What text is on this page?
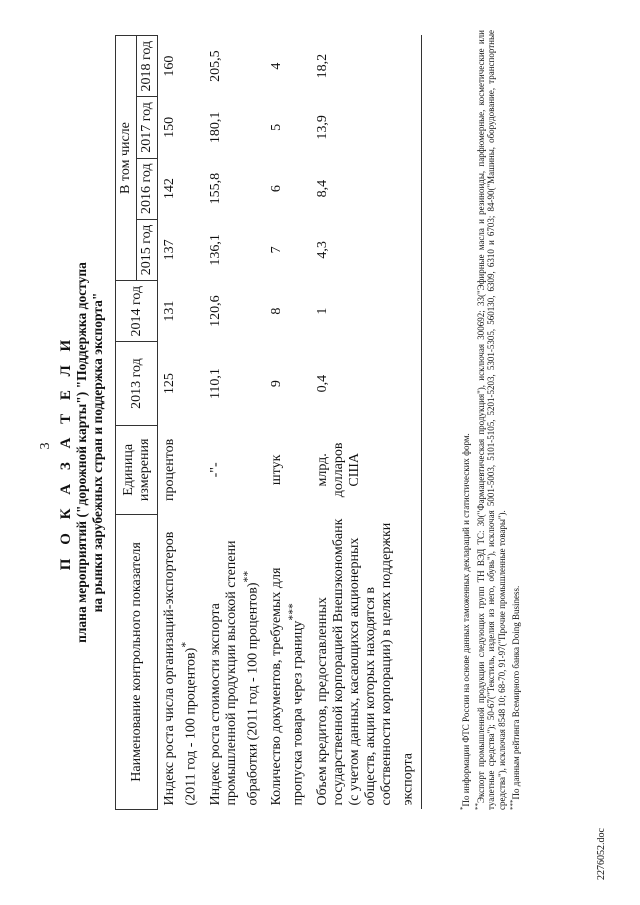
3
2276052.doc
П О К А З А Т Е Л И плана мероприятий ("дорожной карты") "Поддержка доступа на рынки зарубежных стран и поддержка экспорта"
Наименование контрольного показателя	Единица измерения	2013 год	2014 год	В том числе			
				2015 год	2016 год	2017 год	2018 год
Индекс роста числа организаций-экспортеров (2011 год - 100 процентов)*	процентов	125	131	137	142	150	160
Индекс роста стоимости экспорта промышленной продукции высокой степени обработки (2011 год - 100 процентов)**	-"-	110,1	120,6	136,1	155,8	180,1	205,5
Количество документов, требуемых для пропуска товара через границу***	штук	9	8	7	6	5	4
Объем кредитов, предоставленных государственной корпорацией Внешэкономбанк (с учетом данных, касающихся акционерных обществ, акции которых находятся в собственности корпорации) в целях поддержки экспорта	млрд. долларов США	0,4	1	4,3	8,4	13,9	18,2

*По информации ФТС России на основе данных таможенных деклараций и статистических форм. **Экспорт промышленной продукции следующих групп ТН ВЭД ТС: 30("Фармацевтическая продукция"), исключая 300692; 33("Эфирные масла и резиноиды, парфюмерные, косметические или туалетные средства"); 50-67("Текстиль, изделия из него, обувь"), исключая 5001-5003, 5101-5105, 5201-5203, 5301-5305, 560130, 6309, 6310 и 6703; 84-90("Машины, оборудование, транспортные средства"), исключая 8548 10; 68-70, 91-97("Прочие промышленные товары"). ***По данным рейтинга Всемирного банка Doing Business.
